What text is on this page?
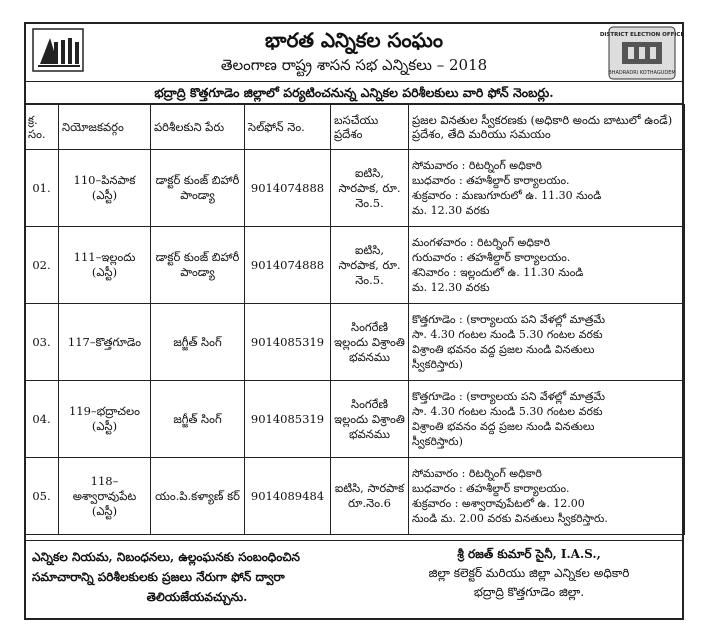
భారత ఎన్నికల సంఘం
తెలంగాణ రాష్ట్ర శాసన సభ ఎన్నికలు – 2018
DISTRICT ELECTION OFFICE
BHADRADRI KOTHAGUDEM
భద్రాద్రి కొత్తగూడెం జిల్లాలో పర్యటించనున్న ఎన్నికల పరిశీలకులు వారి ఫోన్ నెంబర్లు.
క్ర. సం.	నియోజకవర్గం	పరిశీలకుని పేరు	సెల్‌ఫోన్ నెం.	బసచేయు ప్రదేశం	ప్రజల వినతుల స్వీకరణకు (అధికారి అందు బాటులో ఉండే) ప్రదేశం, తేది మరియు సమయం
01.	110–పినపాక (ఎస్టీ)	డాక్టర్ కుంజ్ బిహారీ పాండ్యా	9014074888	ఐటిసి, సారపాక, రూ. నెం.5.	సోమవారం : రిటర్నింగ్ అధికారి
బుధవారం : తహశీల్దార్ కార్యాలయం.
శుక్రవారం : మణుగూరులో ఉ. 11.30 నుండి
మ. 12.30 వరకు

02.	111–ఇల్లందు (ఎస్టీ)	డాక్టర్ కుంజ్ బిహారీ పాండ్యా	9014074888	ఐటిసి, సారపాక, రూ. నెం.5.	మంగళవారం : రిటర్నింగ్ అధికారి
గురువారం : తహశీల్దార్ కార్యాలయం.
శనివారం : ఇల్లందులో ఉ. 11.30 నుండి
మ. 12.30 వరకు

03.	117–కొత్తగూడెం	జగ్జీత్ సింగ్	9014085319	సింగరేణి ఇల్లందు విశ్రాంతి భవనము	కొత్తగూడెం : (కార్యాలయ పని వేళల్లో మాత్రమే
సా. 4.30 గంటల నుండి 5.30 గంటల వరకు
విశ్రాంతి భవనం వద్ద ప్రజల నుండి వినతులు
స్వీకరిస్తారు)

04.	119–భద్రాచలం (ఎస్టీ)	జగ్జీత్ సింగ్	9014085319	సింగరేణి ఇల్లందు విశ్రాంతి భవనము	కొత్తగూడెం : (కార్యాలయ పని వేళల్లో మాత్రమే
సా. 4.30 గంటల నుండి 5.30 గంటల వరకు
విశ్రాంతి భవనం వద్ద ప్రజల నుండి వినతులు
స్వీకరిస్తారు)

05.	118– అశ్వారావుపేట (ఎస్టీ)	యం.పి.కళ్యాణ్ కర్	9014089484	ఐటిసి, సారపాక రూ.నెం.6	సోమవారం : రిటర్నింగ్ అధికారి
బుధవారం : తహశీల్దార్ కార్యాలయం.
శుక్రవారం : అశ్వారావుపేటలో ఉ. 12.00
నుండి మ. 2.00 వరకు వినతులు స్వీకరిస్తారు.
ఎన్నికల నియమ, నిబంధనలు, ఉల్లంఘనకు సంబంధించిన
సమాచారాన్ని పరిశీలకులకు ప్రజలు నేరుగా ఫోన్ ద్వారా
తెలియజేయవచ్చును.
శ్రీ రజత్ కుమార్ సైనీ, I.A.S.,
జిల్లా కలెక్టర్ మరియు జిల్లా ఎన్నికల అధికారి
భద్రాద్రి కొత్తగూడెం జిల్లా.
